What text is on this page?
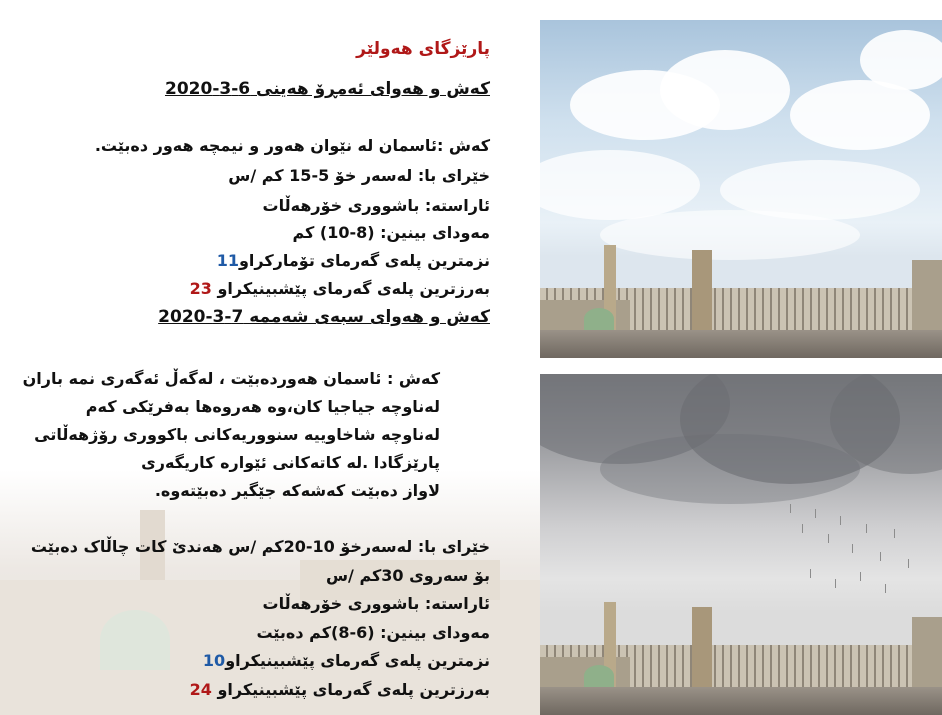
پارێزگای هەولێر
کەش و هەوای ئەمڕۆ هەینی 6-3-2020
کەش :ئاسمان لە نێوان هەور و نیمچە هەور دەبێت.
خێرای با: لەسەر خۆ 5-15 کم /س
ئاراستە: باشووری خۆرهەڵات
مەودای بینین: (8-10) کم
نزمترین پلەی گەرمای تۆمارکراو11
بەرزترین پلەی گەرمای پێشبینیکراو 23
کەش و هەوای سبەی شەممە 7-3-2020
کەش : ئاسمان هەوردەبێت ، لەگەڵ ئەگەری نمە باران
لەناوچە جیاجیا کان،وە هەروەها بەفرێکی کەم
لەناوچە شاخاوییە سنووریەکانی باکووری رۆژهەڵاتی
پارێزگادا .لە کاتەکانی ئێوارە کاریگەری
لاواز دەبێت کەشەکە جێگیر دەبێتەوە.
خێرای با: لەسەرخۆ 10-20کم /س هەندێ کات چاڵاک دەبێت
بۆ سەروی 30کم /س
ئاراستە: باشووری خۆرهەڵات
مەودای بینین: (6-8)کم دەبێت
نزمترین پلەی گەرمای پێشبینیکراو10
بەرزترین پلەی گەرمای پێشبینیکراو 24
